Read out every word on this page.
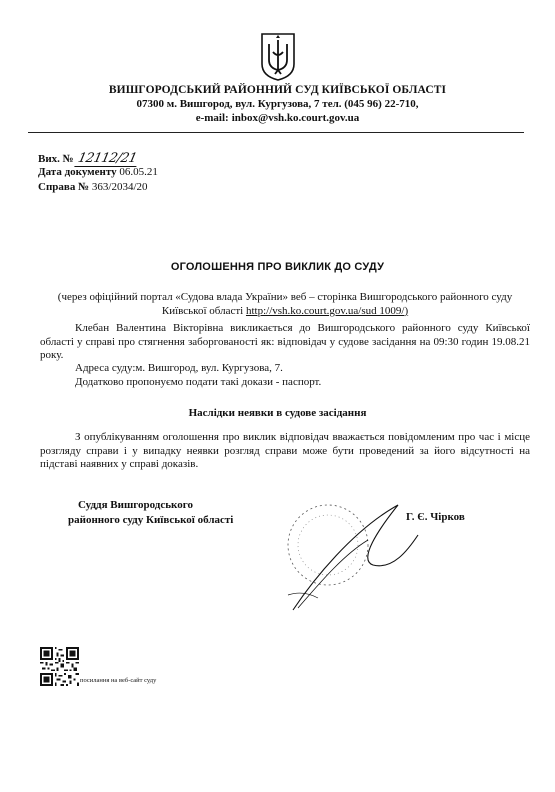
ВИШГОРОДСЬКИЙ РАЙОННИЙ СУД КИЇВСЬКОЇ ОБЛАСТІ
07300 м. Вишгород, вул. Кургузова, 7 тел. (045 96) 22-710,
e-mail: inbox@vsh.ko.court.gov.ua
Вих. № 12112/21
Дата документу 06.05.21
Справа № 363/2034/20
ОГОЛОШЕННЯ ПРО ВИКЛИК ДО СУДУ
(через офіційний портал «Судова влада України» веб – сторінка Вишгородського районного суду Київської області http://vsh.ko.court.gov.ua/sud 1009/)
Клебан Валентина Вікторівна викликається до Вишгородського районного суду Київської області у справі про стягнення заборгованості як: відповідач у судове засідання на 09:30 годин 19.08.21 року.
Адреса суду:м. Вишгород, вул. Кургузова, 7.
Додатково пропонуємо подати такі докази - паспорт.
Наслідки неявки в судове засідання
З опублікуванням оголошення про виклик відповідач вважається повідомленим про час і місце розгляду справи і у випадку неявки розгляд справи може бути проведений за його відсутності на підставі наявних у справі доказів.
Суддя Вишгородського
районного суду Київської області	Г. Є. Чірков
посилання на веб-сайт суду
